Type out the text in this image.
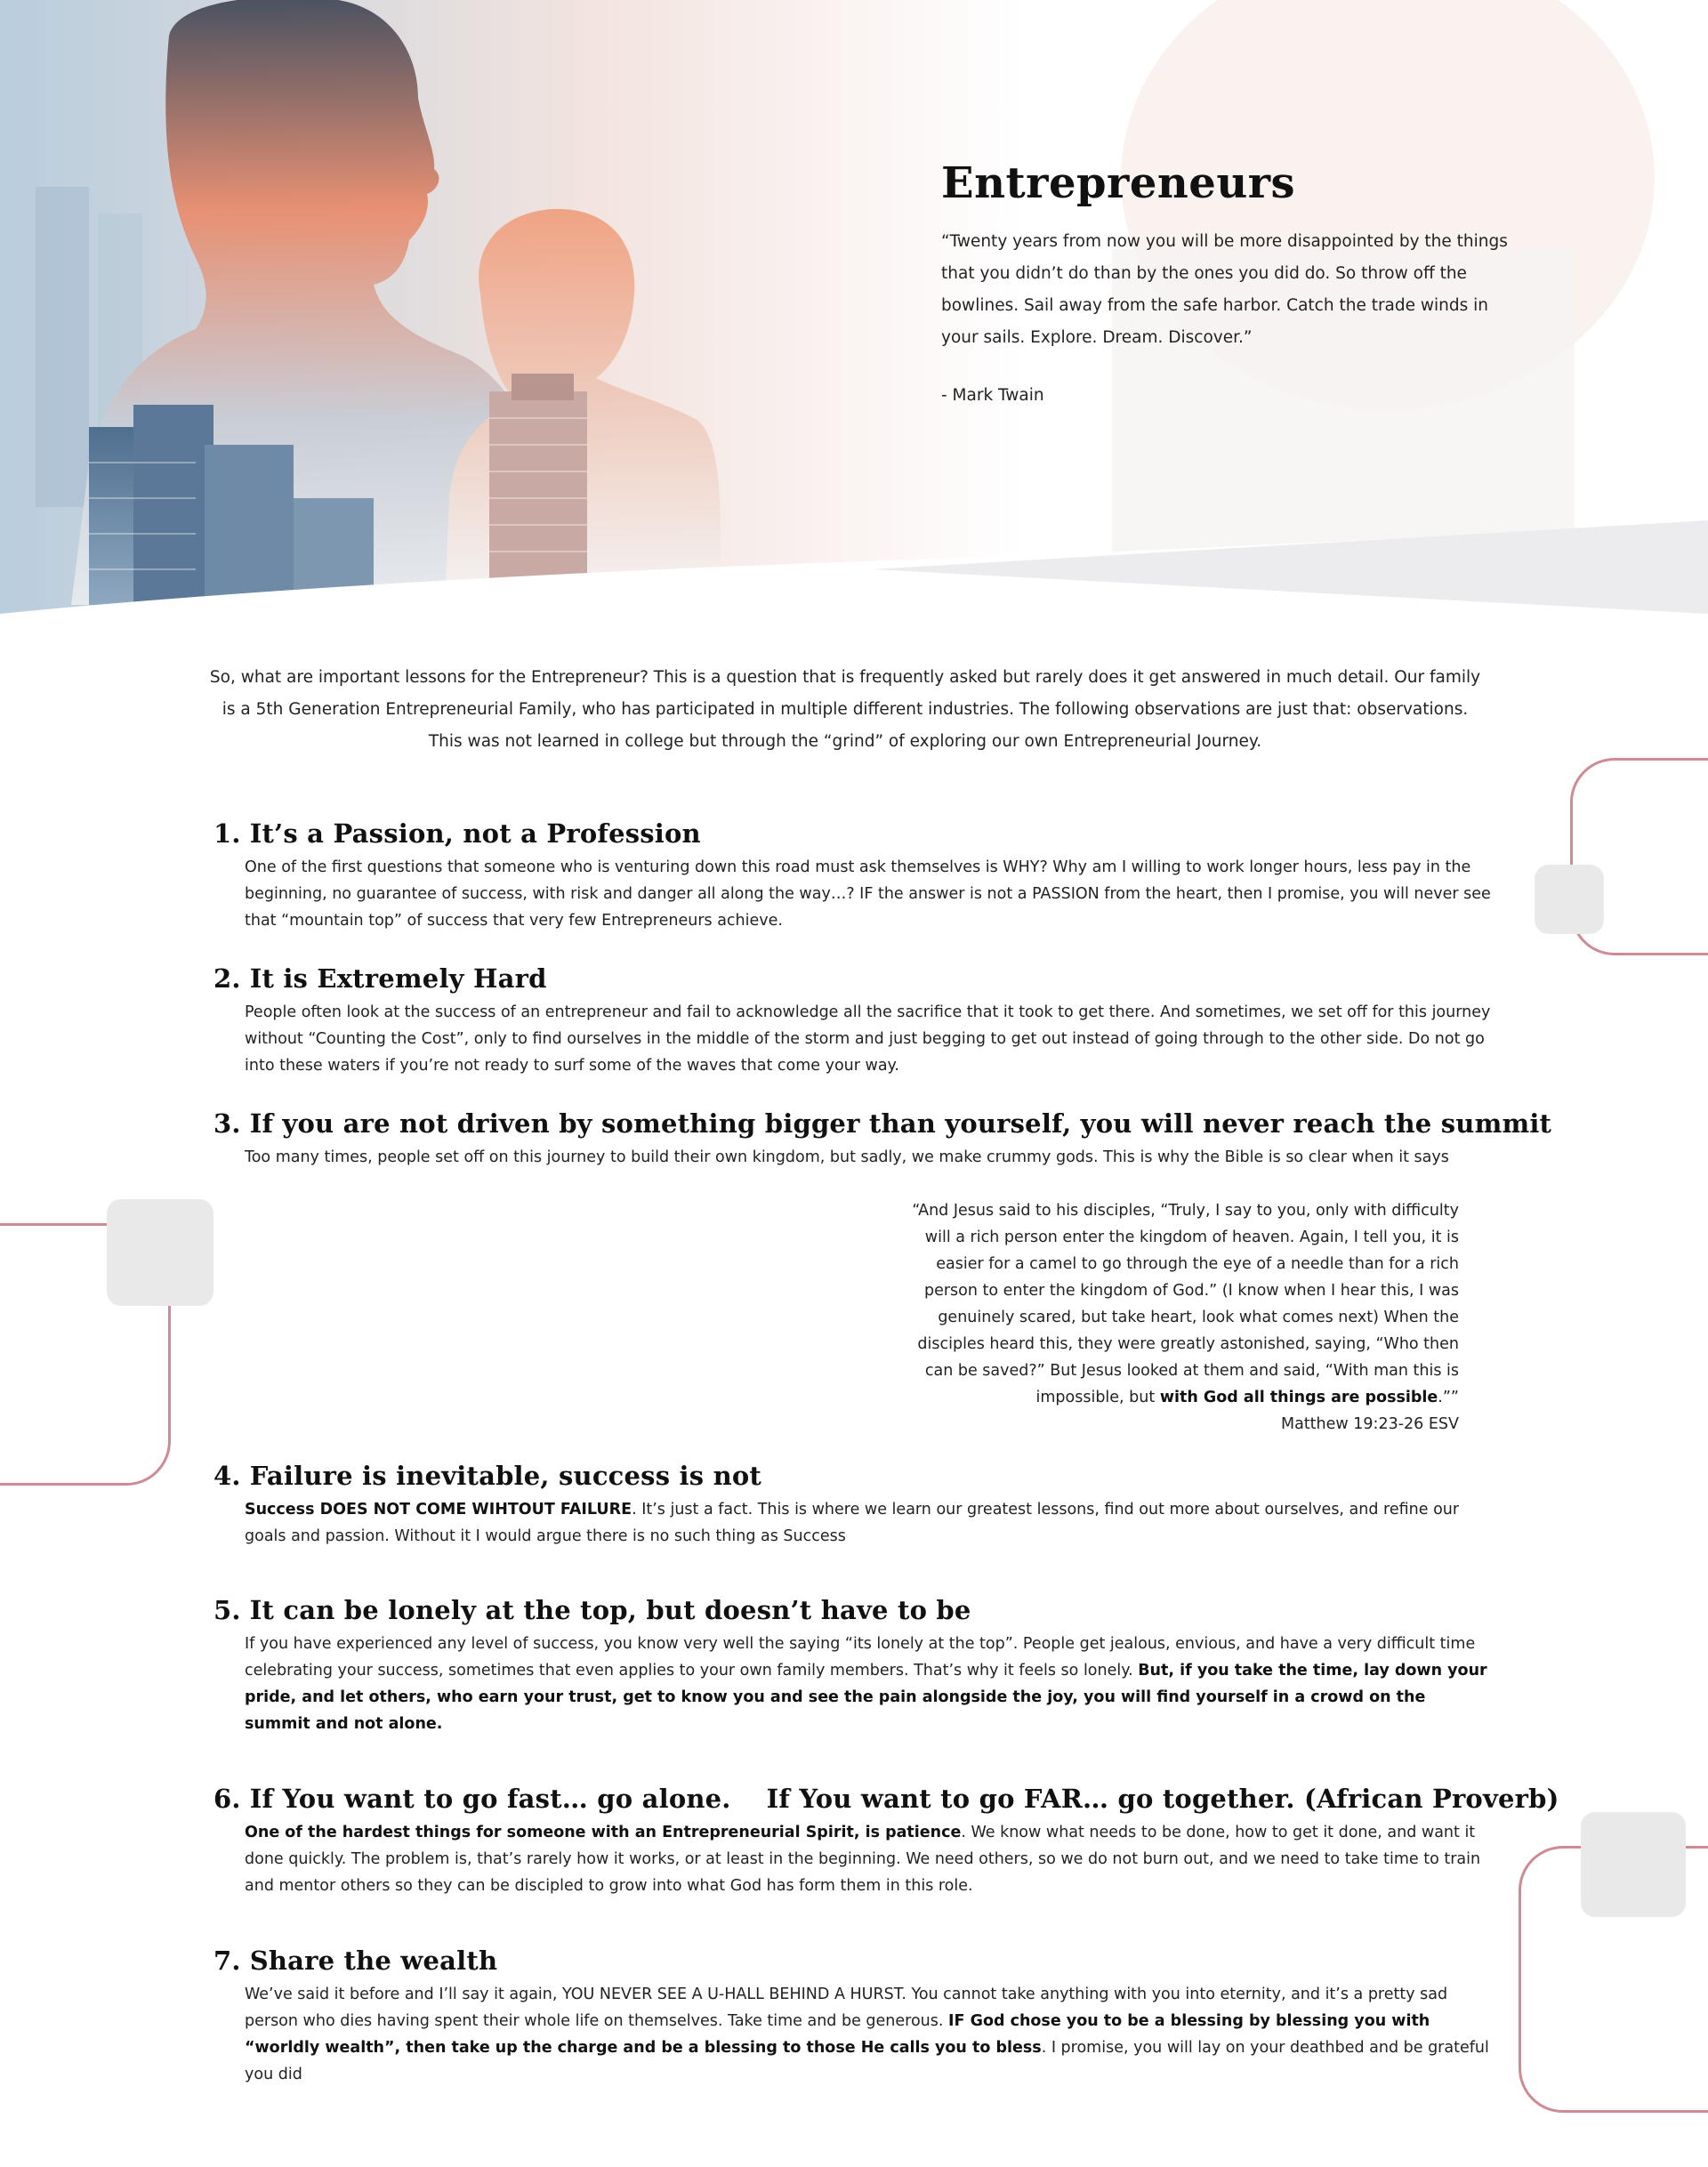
Entrepreneurs

“Twenty years from now you will be more disappointed by the things that you didn’t do than by the ones you did do. So throw off the bowlines. Sail away from the safe harbor. Catch the trade winds in your sails. Explore. Dream. Discover.”

- Mark Twain

So, what are important lessons for the Entrepreneur? This is a question that is frequently asked but rarely does it get answered in much detail. Our family is a 5th Generation Entrepreneurial Family, who has participated in multiple different industries. The following observations are just that: observations. This was not learned in college but through the “grind” of exploring our own Entrepreneurial Journey.

1. It’s a Passion, not a Profession

One of the first questions that someone who is venturing down this road must ask themselves is WHY? Why am I willing to work longer hours, less pay in the beginning, no guarantee of success, with risk and danger all along the way…? IF the answer is not a PASSION from the heart, then I promise, you will never see that “mountain top” of success that very few Entrepreneurs achieve.

2. It is Extremely Hard

People often look at the success of an entrepreneur and fail to acknowledge all the sacrifice that it took to get there. And sometimes, we set off for this journey without “Counting the Cost”, only to find ourselves in the middle of the storm and just begging to get out instead of going through to the other side. Do not go into these waters if you’re not ready to surf some of the waves that come your way.

3. If you are not driven by something bigger than yourself, you will never reach the summit

Too many times, people set off on this journey to build their own kingdom, but sadly, we make crummy gods. This is why the Bible is so clear when it says

“And Jesus said to his disciples, “Truly, I say to you, only with difficulty will a rich person enter the kingdom of heaven. Again, I tell you, it is easier for a camel to go through the eye of a needle than for a rich person to enter the kingdom of God.” (I know when I hear this, I was genuinely scared, but take heart, look what comes next) When the disciples heard this, they were greatly astonished, saying, “Who then can be saved?” But Jesus looked at them and said, “With man this is impossible, but with God all things are possible.””
Matthew 19:23-26 ESV

4. Failure is inevitable, success is not

Success DOES NOT COME WIHTOUT FAILURE. It’s just a fact. This is where we learn our greatest lessons, find out more about ourselves, and refine our goals and passion. Without it I would argue there is no such thing as Success

5. It can be lonely at the top, but doesn’t have to be

If you have experienced any level of success, you know very well the saying “its lonely at the top”. People get jealous, envious, and have a very difficult time celebrating your success, sometimes that even applies to your own family members. That’s why it feels so lonely. But, if you take the time, lay down your pride, and let others, who earn your trust, get to know you and see the pain alongside the joy, you will find yourself in a crowd on the summit and not alone.

6. If You want to go fast… go alone. If You want to go FAR… go together. (African Proverb)

One of the hardest things for someone with an Entrepreneurial Spirit, is patience. We know what needs to be done, how to get it done, and want it done quickly. The problem is, that’s rarely how it works, or at least in the beginning. We need others, so we do not burn out, and we need to take time to train and mentor others so they can be discipled to grow into what God has form them in this role.

7. Share the wealth

We’ve said it before and I’ll say it again, YOU NEVER SEE A U-HALL BEHIND A HURST. You cannot take anything with you into eternity, and it’s a pretty sad person who dies having spent their whole life on themselves. Take time and be generous. IF God chose you to be a blessing by blessing you with “worldly wealth”, then take up the charge and be a blessing to those He calls you to bless. I promise, you will lay on your deathbed and be grateful you did
